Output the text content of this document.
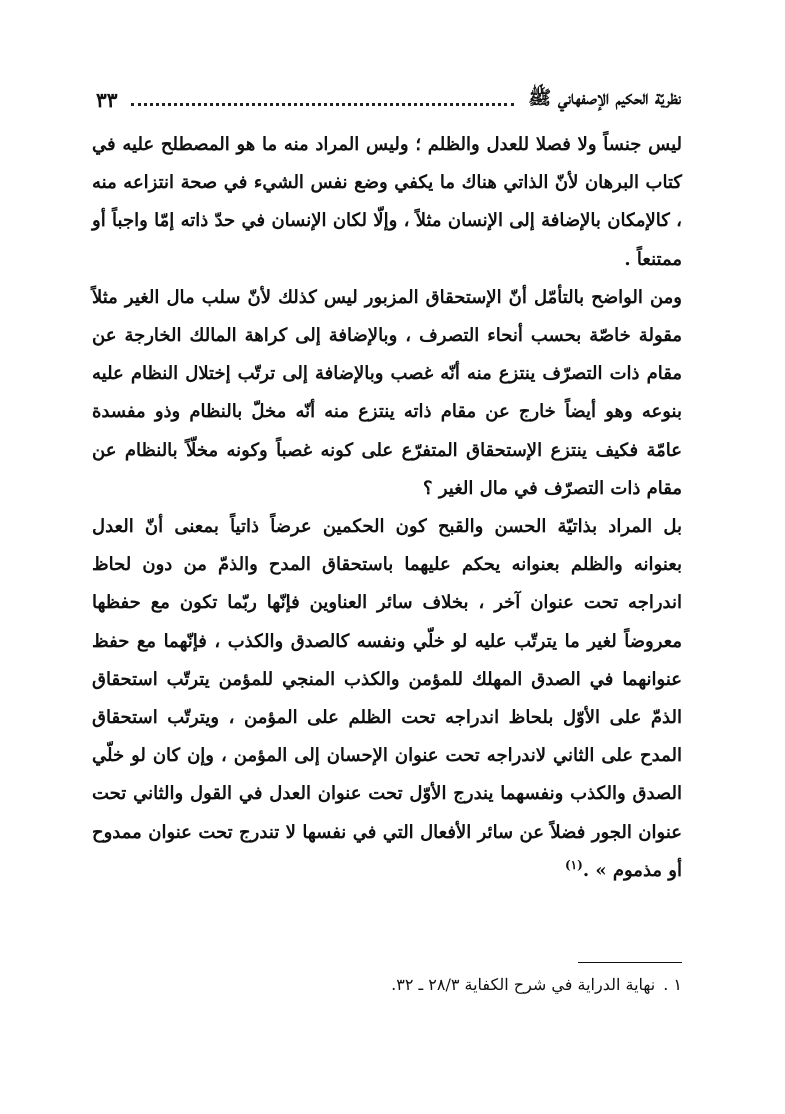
نظريّة الحكيم الإصفهاني ﷺ
٣٣

ليس جنساً ولا فصلا للعدل والظلم ؛ وليس المراد منه ما هو المصطلح عليه في كتاب البرهان لأنّ الذاتي هناك ما يكفي وضع نفس الشيء في صحة انتزاعه منه ، كالإمكان بالإضافة إلى الإنسان مثلاً ، وإلّا لكان الإنسان في حدّ ذاته إمّا واجباً أو ممتنعاً .

ومن الواضح بالتأمّل أنّ الإستحقاق المزبور ليس كذلك لأنّ سلب مال الغير مثلاً مقولة خاصّة بحسب أنحاء التصرف ، وبالإضافة إلى كراهة المالك الخارجة عن مقام ذات التصرّف ينتزع منه أنّه غصب وبالإضافة إلى ترتّب إختلال النظام عليه بنوعه وهو أيضاً خارج عن مقام ذاته ينتزع منه أنّه مخلّ بالنظام وذو مفسدة عامّة فكيف ينتزع الإستحقاق المتفرّع على كونه غصباً وكونه مخلّاً بالنظام عن مقام ذات التصرّف في مال الغير ؟

بل المراد بذاتيّة الحسن والقبح كون الحكمين عرضاً ذاتياً بمعنى أنّ العدل بعنوانه والظلم بعنوانه يحكم عليهما باستحقاق المدح والذمّ من دون لحاظ اندراجه تحت عنوان آخر ، بخلاف سائر العناوين فإنّها ربّما تكون مع حفظها معروضاً لغير ما يترتّب عليه لو خلّي ونفسه كالصدق والكذب ، فإنّهما مع حفظ عنوانهما في الصدق المهلك للمؤمن والكذب المنجي للمؤمن يترتّب استحقاق الذمّ على الأوّل بلحاظ اندراجه تحت الظلم على المؤمن ، ويترتّب استحقاق المدح على الثاني لاندراجه تحت عنوان الإحسان إلى المؤمن ، وإن كان لو خلّي الصدق والكذب ونفسهما يندرج الأوّل تحت عنوان العدل في القول والثاني تحت عنوان الجور فضلاً عن سائر الأفعال التي في نفسها لا تندرج تحت عنوان ممدوح أو مذموم » .$^{(١)}$

١ .نهاية الدراية في شرح الكفاية ٢٨/٣ ـ ٣٢.
